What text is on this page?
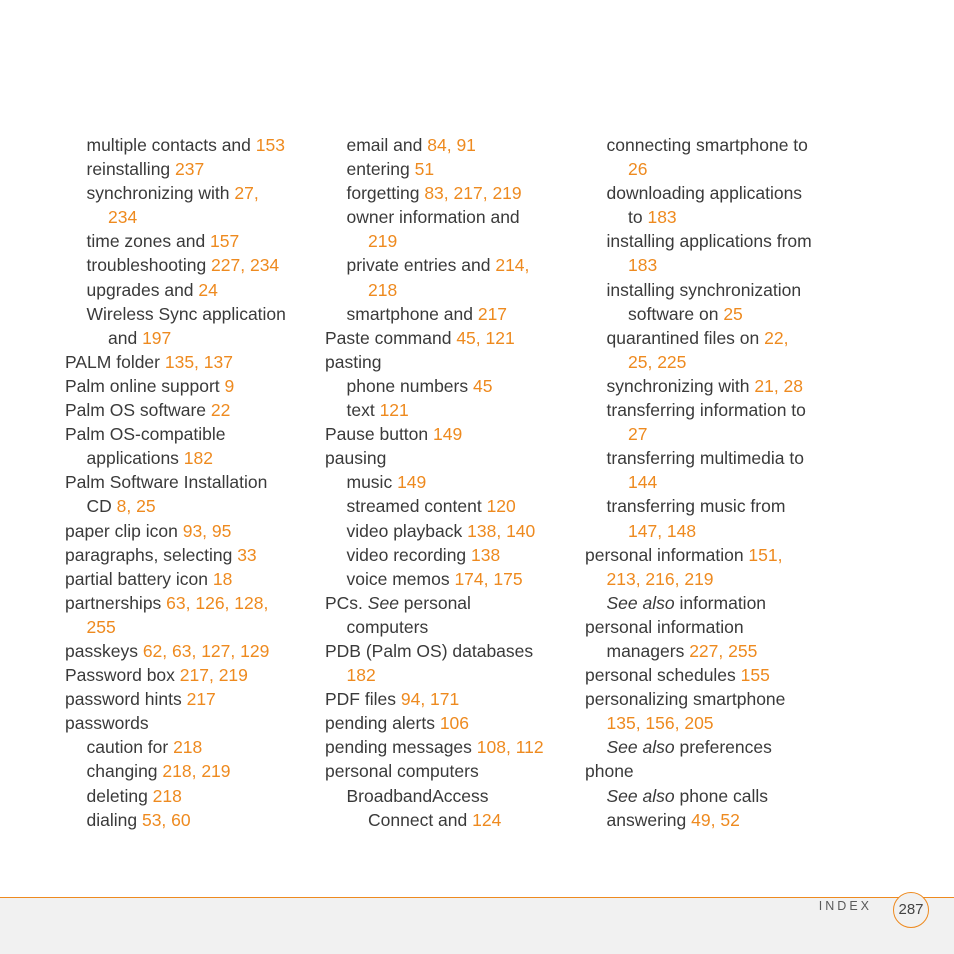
multiple contacts and 153
reinstalling 237
synchronizing with 27,
234
time zones and 157
troubleshooting 227, 234
upgrades and 24
Wireless Sync application
and 197
PALM folder 135, 137
Palm online support 9
Palm OS software 22
Palm OS-compatible
applications 182
Palm Software Installation
CD 8, 25
paper clip icon 93, 95
paragraphs, selecting 33
partial battery icon 18
partnerships 63, 126, 128,
255
passkeys 62, 63, 127, 129
Password box 217, 219
password hints 217
passwords
caution for 218
changing 218, 219
deleting 218
dialing 53, 60
email and 84, 91
entering 51
forgetting 83, 217, 219
owner information and
219
private entries and 214,
218
smartphone and 217
Paste command 45, 121
pasting
phone numbers 45
text 121
Pause button 149
pausing
music 149
streamed content 120
video playback 138, 140
video recording 138
voice memos 174, 175
PCs. See personal
computers
PDB (Palm OS) databases
182
PDF files 94, 171
pending alerts 106
pending messages 108, 112
personal computers
BroadbandAccess
Connect and 124
connecting smartphone to
26
downloading applications
to 183
installing applications from
183
installing synchronization
software on 25
quarantined files on 22,
25, 225
synchronizing with 21, 28
transferring information to
27
transferring multimedia to
144
transferring music from
147, 148
personal information 151,
213, 216, 219
See also information
personal information
managers 227, 255
personal schedules 155
personalizing smartphone
135, 156, 205
See also preferences
phone
See also phone calls
answering 49, 52
INDEX	287
